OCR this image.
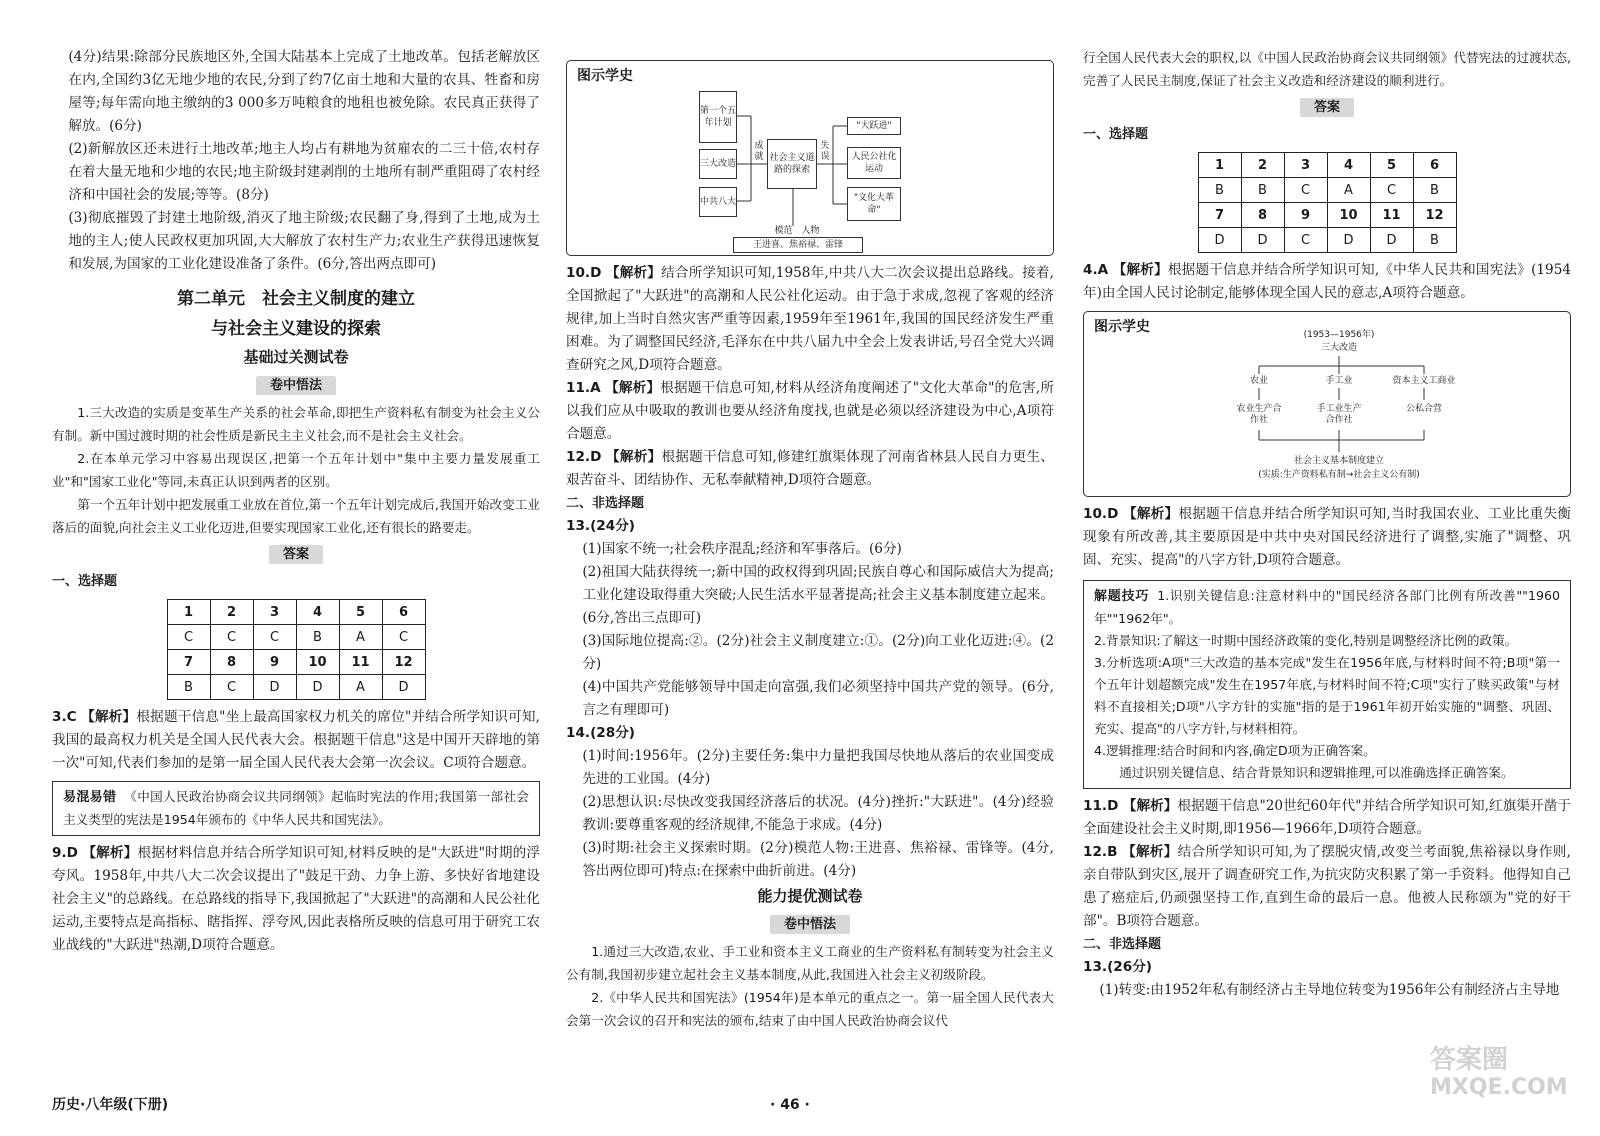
(4分)结果:除部分民族地区外,全国大陆基本上完成了土地改革。包括老解放区在内,全国约3亿无地少地的农民,分到了约7亿亩土地和大量的农具、牲畜和房屋等;每年需向地主缴纳的3 000多万吨粮食的地租也被免除。农民真正获得了解放。(6分)

(2)新解放区还未进行土地改革;地主人均占有耕地为贫雇农的二三十倍,农村存在着大量无地和少地的农民;地主阶级封建剥削的土地所有制严重阻碍了农村经济和中国社会的发展;等等。(8分)

(3)彻底摧毁了封建土地阶级,消灭了地主阶级;农民翻了身,得到了土地,成为土地的主人;使人民政权更加巩固,大大解放了农村生产力;农业生产获得迅速恢复和发展,为国家的工业化建设准备了条件。(6分,答出两点即可)

第二单元　社会主义制度的建立
与社会主义建设的探索
基础过关测试卷
卷中悟法

1.三大改造的实质是变革生产关系的社会革命,即把生产资料私有制变为社会主义公有制。新中国过渡时期的社会性质是新民主主义社会,而不是社会主义社会。

2.在本单元学习中容易出现误区,把第一个五年计划中"集中主要力量发展重工业"和"国家工业化"等同,未真正认识到两者的区别。

第一个五年计划中把发展重工业放在首位,第一个五年计划完成后,我国开始改变工业落后的面貌,向社会主义工业化迈进,但要实现国家工业化,还有很长的路要走。

答案
一、选择题
1	2	3	4	5	6
C	C	C	B	A	C
7	8	9	10	11	12
B	C	D	D	A	D

3.C 【解析】根据题干信息"坐上最高国家权力机关的席位"并结合所学知识可知,我国的最高权力机关是全国人民代表大会。根据题干信息"这是中国开天辟地的第一次"可知,代表们参加的是第一届全国人民代表大会第一次会议。C项符合题意。

易混易错 《中国人民政治协商会议共同纲领》起临时宪法的作用;我国第一部社会主义类型的宪法是1954年颁布的《中华人民共和国宪法》。

9.D 【解析】根据材料信息并结合所学知识可知,材料反映的是"大跃进"时期的浮夸风。1958年,中共八大二次会议提出了"鼓足干劲、力争上游、多快好省地建设社会主义"的总路线。在总路线的指导下,我国掀起了"大跃进"的高潮和人民公社化运动,主要特点是高指标、瞎指挥、浮夸风,因此表格所反映的信息可用于研究工农业战线的"大跃进"热潮,D项符合题意。

图示学史
第一个五年计划
三大改造
中共八大
成就 社会主义道路的探索
失误
"大跃进"
人民公社化运动
"文化大革命"
模范　人物
王进喜、焦裕禄、雷锋

10.D 【解析】结合所学知识可知,1958年,中共八大二次会议提出总路线。接着,全国掀起了"大跃进"的高潮和人民公社化运动。由于急于求成,忽视了客观的经济规律,加上当时自然灾害严重等因素,1959年至1961年,我国的国民经济发生严重困难。为了调整国民经济,毛泽东在中共八届九中全会上发表讲话,号召全党大兴调查研究之风,D项符合题意。

11.A 【解析】根据题干信息可知,材料从经济角度阐述了"文化大革命"的危害,所以我们应从中吸取的教训也要从经济角度找,也就是必须以经济建设为中心,A项符合题意。

12.D 【解析】根据题干信息可知,修建红旗渠体现了河南省林县人民自力更生、艰苦奋斗、团结协作、无私奉献精神,D项符合题意。

二、非选择题

13.(24分)

(1)国家不统一;社会秩序混乱;经济和军事落后。(6分)

(2)祖国大陆获得统一;新中国的政权得到巩固;民族自尊心和国际威信大为提高;工业化建设取得重大突破;人民生活水平显著提高;社会主义基本制度建立起来。(6分,答出三点即可)

(3)国际地位提高:②。(2分)社会主义制度建立:①。(2分)向工业化迈进:④。(2分)

(4)中国共产党能够领导中国走向富强,我们必须坚持中国共产党的领导。(6分,言之有理即可)

14.(28分)

(1)时间:1956年。(2分)主要任务:集中力量把我国尽快地从落后的农业国变成先进的工业国。(4分)

(2)思想认识:尽快改变我国经济落后的状况。(4分)挫折:"大跃进"。(4分)经验教训:要尊重客观的经济规律,不能急于求成。(4分)

(3)时期:社会主义探索时期。(2分)模范人物:王进喜、焦裕禄、雷锋等。(4分,答出两位即可)特点:在探索中曲折前进。(4分)

能力提优测试卷
卷中悟法

1.通过三大改造,农业、手工业和资本主义工商业的生产资料私有制转变为社会主义公有制,我国初步建立起社会主义基本制度,从此,我国进入社会主义初级阶段。

2.《中华人民共和国宪法》(1954年)是本单元的重点之一。第一届全国人民代表大会第一次会议的召开和宪法的颁布,结束了由中国人民政治协商会议代

行全国人民代表大会的职权,以《中国人民政治协商会议共同纲领》代替宪法的过渡状态,完善了人民民主制度,保证了社会主义改造和经济建设的顺利进行。

答案
一、选择题
1	2	3	4	5	6
B	B	C	A	C	B
7	8	9	10	11	12
D	D	C	D	D	B

4.A 【解析】根据题干信息并结合所学知识可知,《中华人民共和国宪法》(1954年)由全国人民讨论制定,能够体现全国人民的意志,A项符合题意。

图示学史	(1953—1956年)
三大改造
农业	手工业	资本主义工商业
农业生产合作社
手工业生产合作社
公私合营
社会主义基本制度建立
(实质:生产资料私有制→社会主义公有制)

10.D 【解析】根据题干信息并结合所学知识可知,当时我国农业、工业比重失衡现象有所改善,其主要原因是中共中央对国民经济进行了调整,实施了"调整、巩固、充实、提高"的八字方针,D项符合题意。

解题技巧 1.识别关键信息:注意材料中的"国民经济各部门比例有所改善""1960年""1962年"。

2.背景知识:了解这一时期中国经济政策的变化,特别是调整经济比例的政策。

3.分析选项:A项"三大改造的基本完成"发生在1956年底,与材料时间不符;B项"第一个五年计划超额完成"发生在1957年底,与材料时间不符;C项"实行了赎买政策"与材料不直接相关;D项"八字方针的实施"指的是于1961年初开始实施的"调整、巩固、充实、提高"的八字方针,与材料相符。

4.逻辑推理:结合时间和内容,确定D项为正确答案。

通过识别关键信息、结合背景知识和逻辑推理,可以准确选择正确答案。

11.D 【解析】根据题干信息"20世纪60年代"并结合所学知识可知,红旗渠开凿于全面建设社会主义时期,即1956—1966年,D项符合题意。

12.B 【解析】结合所学知识可知,为了摆脱灾情,改变兰考面貌,焦裕禄以身作则,亲自带队到灾区,展开了调查研究工作,为抗灾防灾积累了第一手资料。他得知自己患了癌症后,仍顽强坚持工作,直到生命的最后一息。他被人民称颂为"党的好干部"。B项符合题意。

二、非选择题

13.(26分)

(1)转变:由1952年私有制经济占主导地位转变为1956年公有制经济占主导地

历史·八年级(下册)	· 46 ·
答案圈
MXQE.COM
